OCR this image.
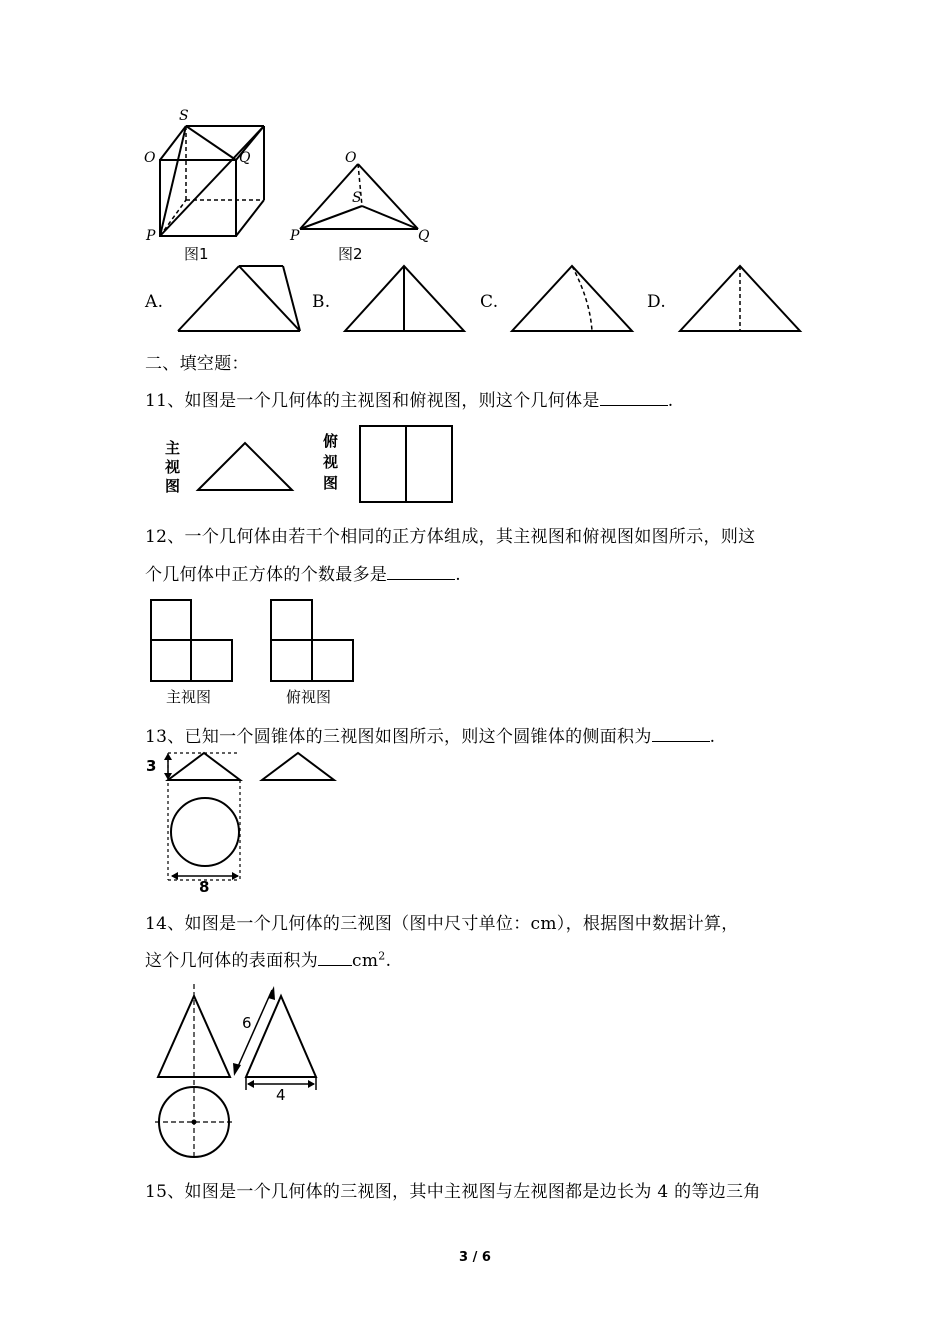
S
O	Q
P
图1
O
S
P	Q
图2
A.	B.	C.	D.
二、填空题：
11、如图是一个几何体的主视图和俯视图，则这个几何体是	.
主
视
图
俯
视
图
12、一个几何体由若干个相同的正方体组成，其主视图和俯视图如图所示，则这
个几何体中正方体的个数最多是	.
主视图	俯视图
13、已知一个圆锥体的三视图如图所示，则这个圆锥体的侧面积为	.
3
8
14、如图是一个几何体的三视图（图中尺寸单位：cm），根据图中数据计算，
这个几何体的表面积为 $cm^2$.
6
4
15、如图是一个几何体的三视图，其中主视图与左视图都是边长为 4 的等边三角
3 / 6
